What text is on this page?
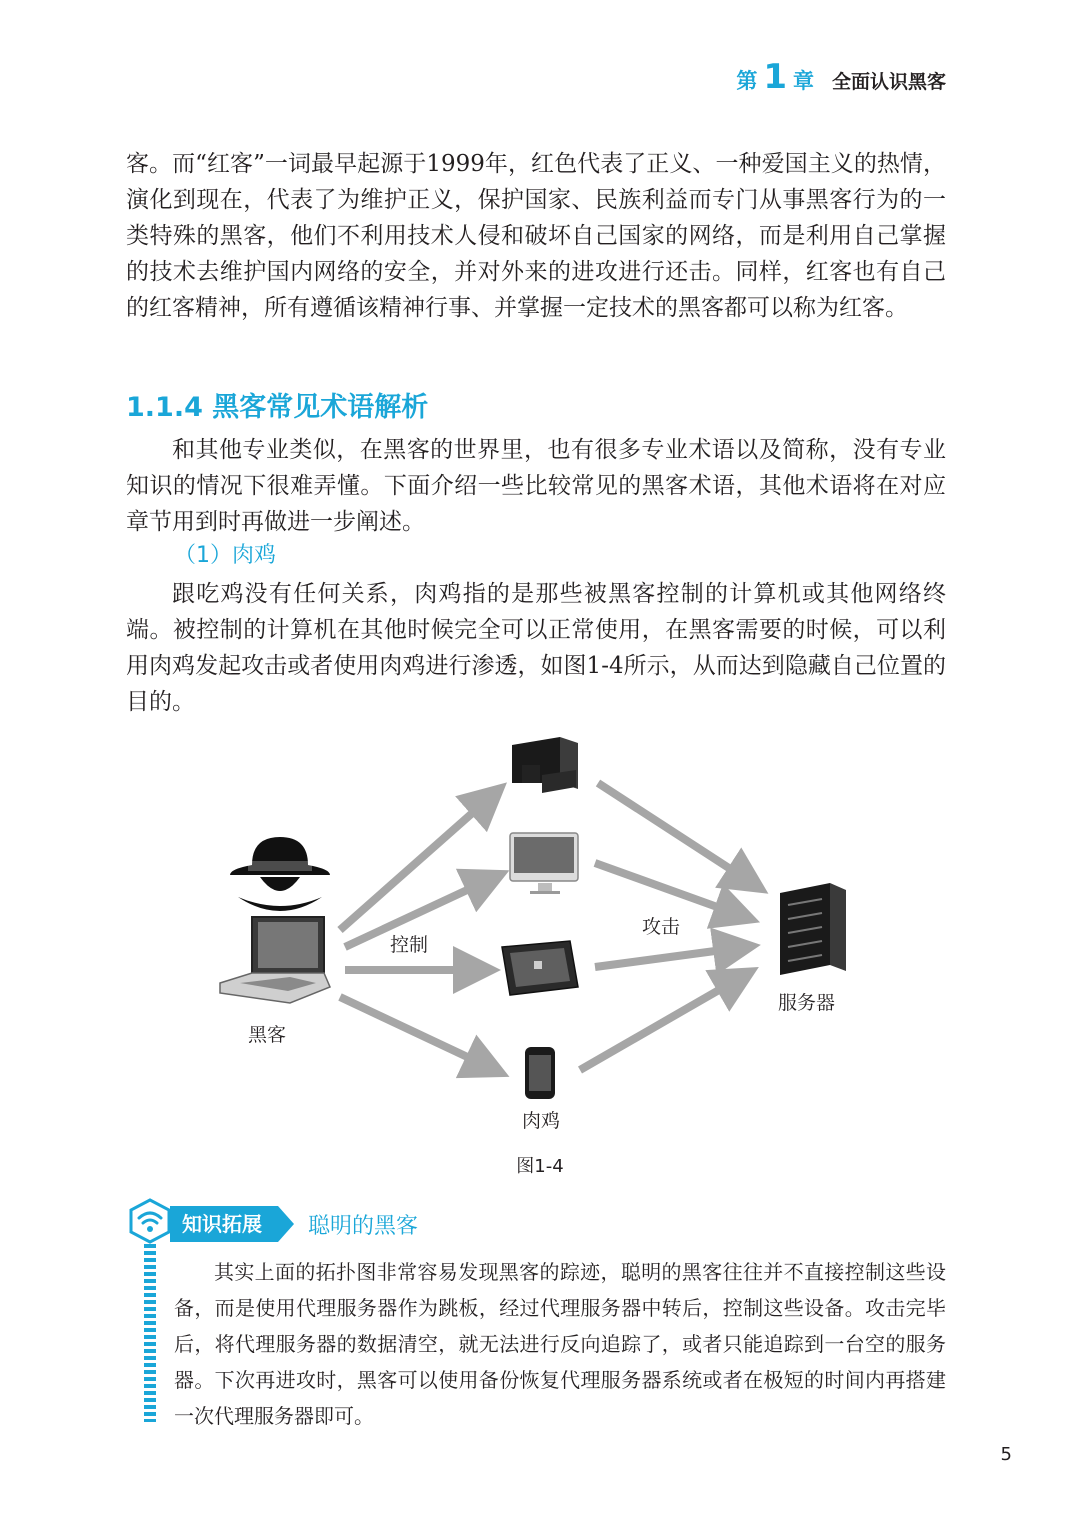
第 1 章 全面认识黑客

客。而“红客”一词最早起源于1999年，红色代表了正义、一种爱国主义的热情，演化到现在，代表了为维护正义，保护国家、民族利益而专门从事黑客行为的一类特殊的黑客，他们不利用技术人侵和破坏自己国家的网络，而是利用自己掌握的技术去维护国内网络的安全，并对外来的进攻进行还击。同样，红客也有自己的红客精神，所有遵循该精神行事、并掌握一定技术的黑客都可以称为红客。

1.1.4 黑客常见术语解析

和其他专业类似，在黑客的世界里，也有很多专业术语以及简称，没有专业知识的情况下很难弄懂。下面介绍一些比较常见的黑客术语，其他术语将在对应章节用到时再做进一步阐述。

（1）肉鸡

跟吃鸡没有任何关系，肉鸡指的是那些被黑客控制的计算机或其他网络终端。被控制的计算机在其他时候完全可以正常使用，在黑客需要的时候，可以利用肉鸡发起攻击或者使用肉鸡进行渗透，如图1-4所示，从而达到隐藏自己位置的目的。

黑客
控制
攻击
服务器
肉鸡
图1-4
知识拓展	聪明的黑客

其实上面的拓扑图非常容易发现黑客的踪迹，聪明的黑客往往并不直接控制这些设备，而是使用代理服务器作为跳板，经过代理服务器中转后，控制这些设备。攻击完毕后，将代理服务器的数据清空，就无法进行反向追踪了，或者只能追踪到一台空的服务器。下次再进攻时，黑客可以使用备份恢复代理服务器系统或者在极短的时间内再搭建一次代理服务器即可。

5
